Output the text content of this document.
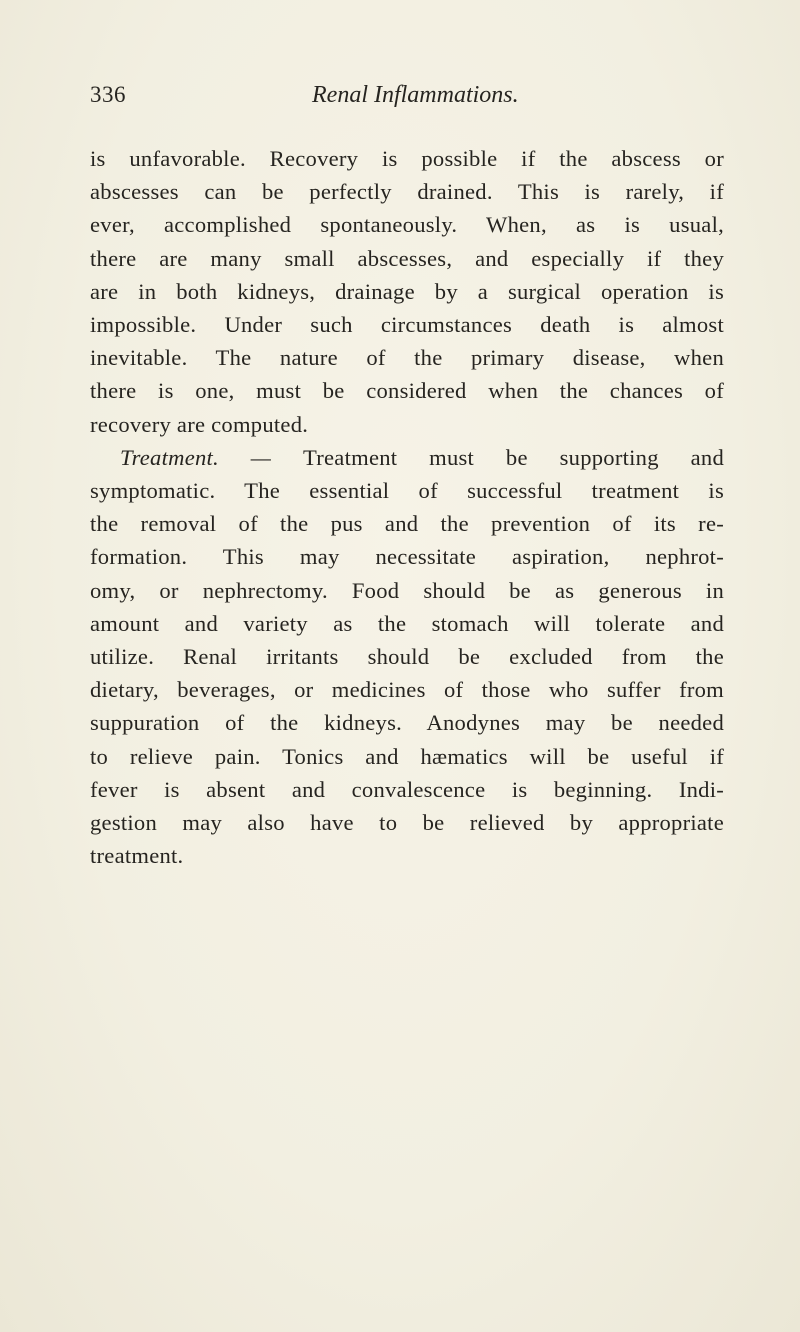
336	Renal Inflammations.
is unfavorable. Recovery is possible if the abscess or
abscesses can be perfectly drained. This is rarely, if
ever, accomplished spontaneously. When, as is usual,
there are many small abscesses, and especially if they
are in both kidneys, drainage by a surgical operation is
impossible. Under such circumstances death is almost
inevitable. The nature of the primary disease, when
there is one, must be considered when the chances of
recovery are computed.
Treatment. — Treatment must be supporting and
symptomatic. The essential of successful treatment is
the removal of the pus and the prevention of its re-
formation. This may necessitate aspiration, nephrot-
omy, or nephrectomy. Food should be as generous in
amount and variety as the stomach will tolerate and
utilize. Renal irritants should be excluded from the
dietary, beverages, or medicines of those who suffer from
suppuration of the kidneys. Anodynes may be needed
to relieve pain. Tonics and hæmatics will be useful if
fever is absent and convalescence is beginning. Indi-
gestion may also have to be relieved by appropriate
treatment.
